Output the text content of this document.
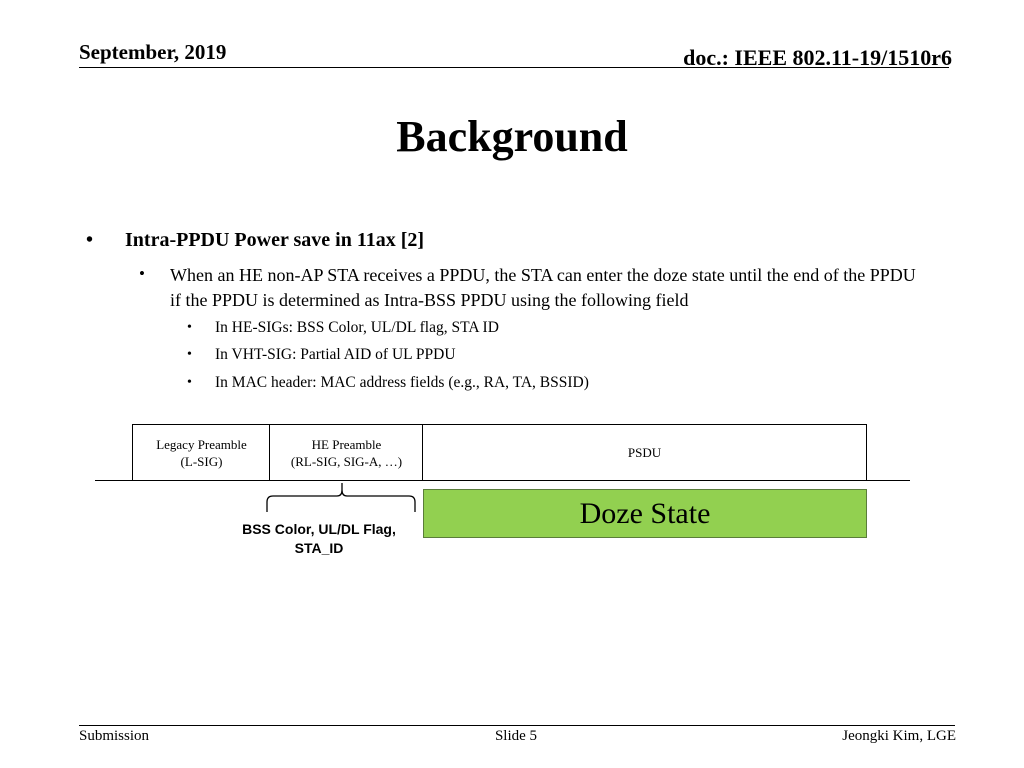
September, 2019	doc.: IEEE 802.11-19/1510r6
Background
• Intra-PPDU Power save in 11ax [2]
• When an HE non-AP STA receives a PPDU, the STA can enter the doze state until the end of the PPDU if the PPDU is determined as Intra-BSS PPDU using the following field
• In HE-SIGs: BSS Color, UL/DL flag, STA ID
• In VHT-SIG: Partial AID of UL PPDU
• In MAC header: MAC address fields (e.g., RA, TA, BSSID)
Legacy Preamble
(L-SIG)
HE Preamble
(RL-SIG, SIG-A, …)
PSDU
Doze State
BSS Color, UL/DL Flag, STA_ID
Submission	Slide 5	Jeongki Kim, LGE
